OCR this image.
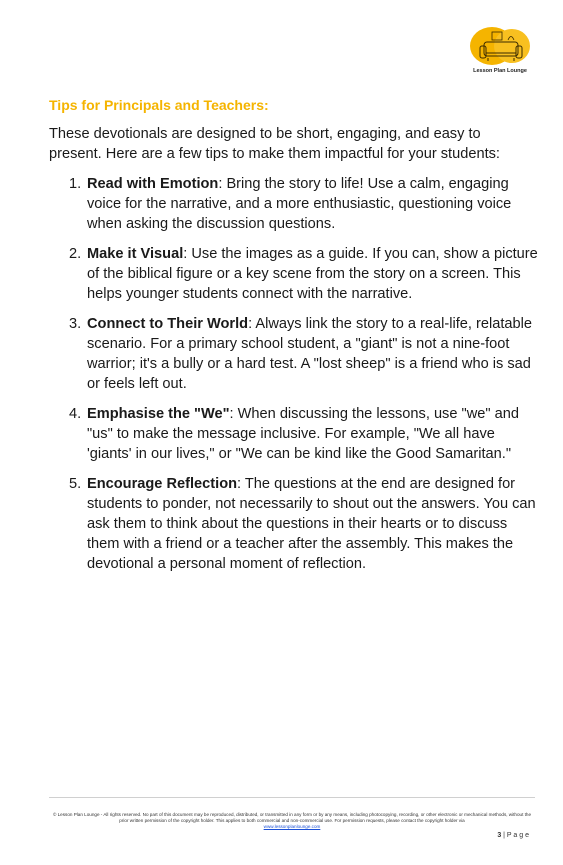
Lesson Plan Lounge
Tips for Principals and Teachers:
These devotionals are designed to be short, engaging, and easy to present. Here are a few tips to make them impactful for your students:
1. Read with Emotion: Bring the story to life! Use a calm, engaging voice for the narrative, and a more enthusiastic, questioning voice when asking the discussion questions.
2. Make it Visual: Use the images as a guide. If you can, show a picture of the biblical figure or a key scene from the story on a screen. This helps younger students connect with the narrative.
3. Connect to Their World: Always link the story to a real-life, relatable scenario. For a primary school student, a "giant" is not a nine-foot warrior; it's a bully or a hard test. A "lost sheep" is a friend who is sad or feels left out.
4. Emphasise the "We": When discussing the lessons, use "we" and "us" to make the message inclusive. For example, "We all have 'giants' in our lives," or "We can be kind like the Good Samaritan."
5. Encourage Reflection: The questions at the end are designed for students to ponder, not necessarily to shout out the answers. You can ask them to think about the questions in their hearts or to discuss them with a friend or a teacher after the assembly. This makes the devotional a personal moment of reflection.
© Lesson Plan Lounge - All rights reserved. No part of this document may be reproduced, distributed, or transmitted in any form or by any means, including photocopying, recording, or other electronic or mechanical methods, without the prior written permission of the copyright holder. This applies to both commercial and non-commercial use. For permission requests, please contact the copyright holder via
www.lessonplanlounge.com
3 | P a g e
